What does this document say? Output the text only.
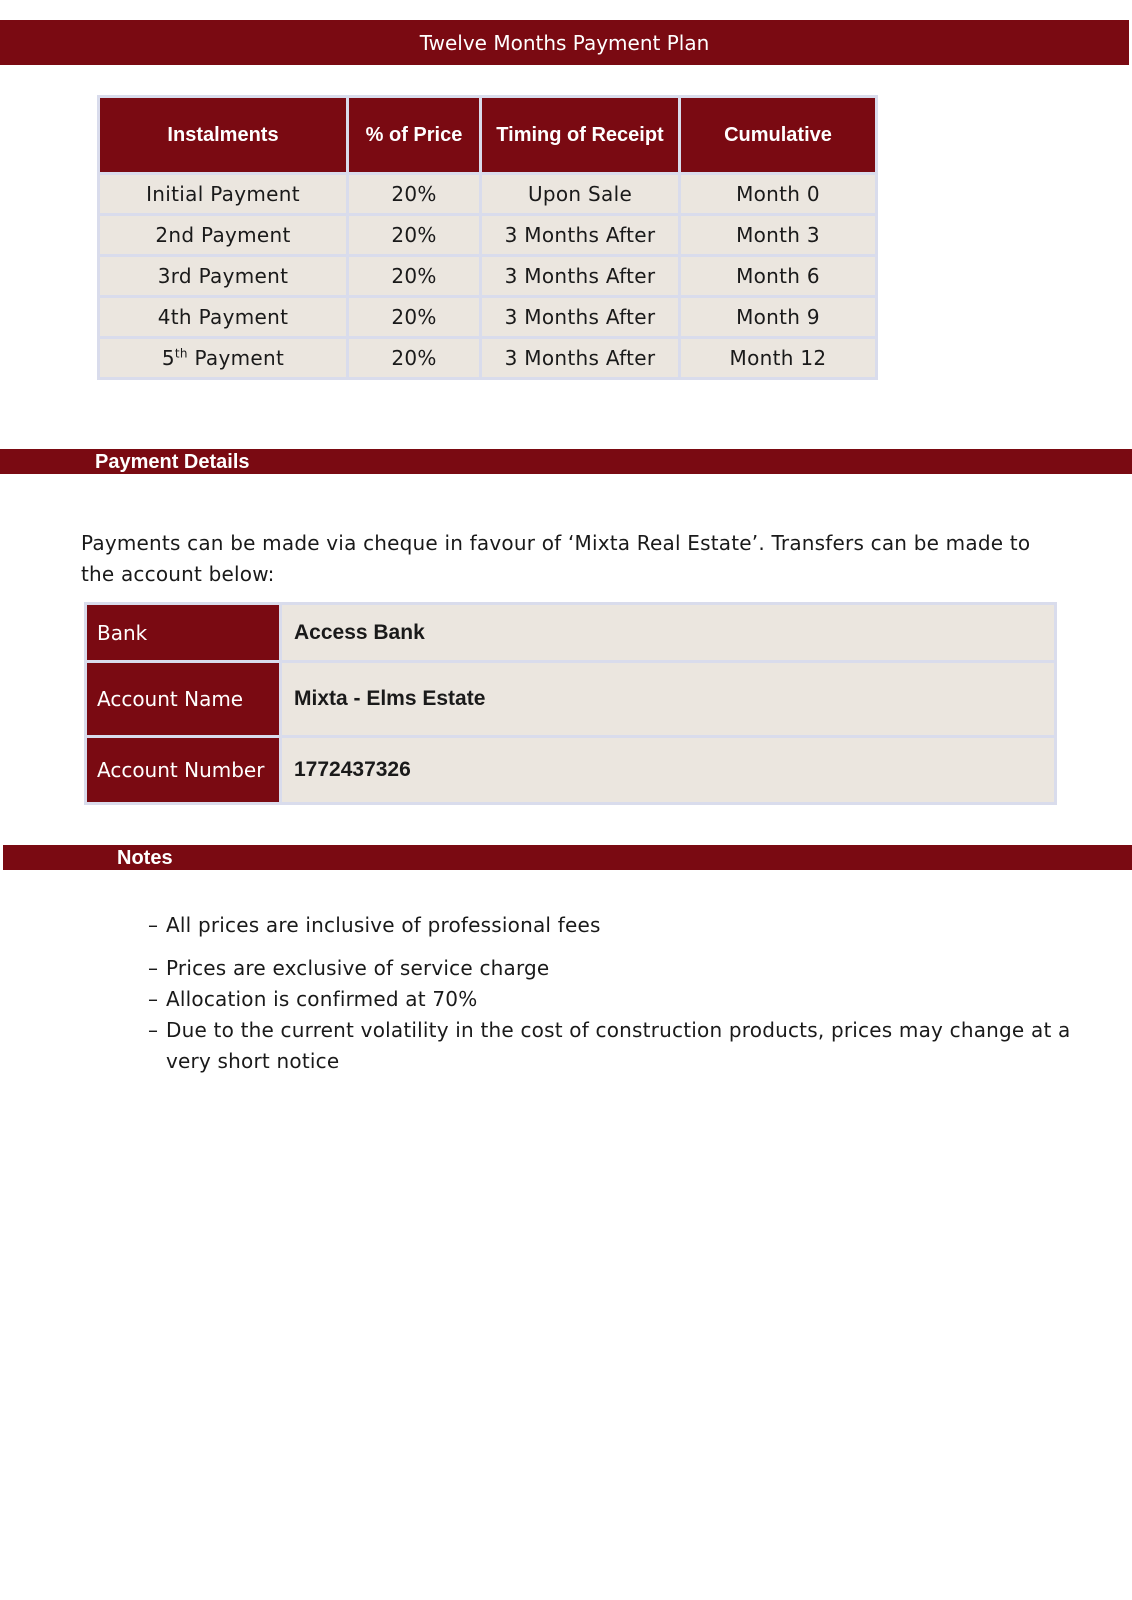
Twelve Months Payment Plan
Instalments	% of Price	Timing of Receipt	Cumulative
Initial Payment	20%	Upon Sale	Month 0
2nd Payment	20%	3 Months After	Month 3
3rd Payment	20%	3 Months After	Month 6
4th Payment	20%	3 Months After	Month 9
5th Payment	20%	3 Months After	Month 12
Payment Details

Payments can be made via cheque in favour of ‘Mixta Real Estate’. Transfers can be made to the account below:

Bank	Access Bank
Account Name	Mixta - Elms Estate
Account Number	1772437326
Notes
– All prices are inclusive of professional fees
– Prices are exclusive of service charge
– Allocation is confirmed at 70%
– Due to the current volatility in the cost of construction products, prices may change at a very short notice
